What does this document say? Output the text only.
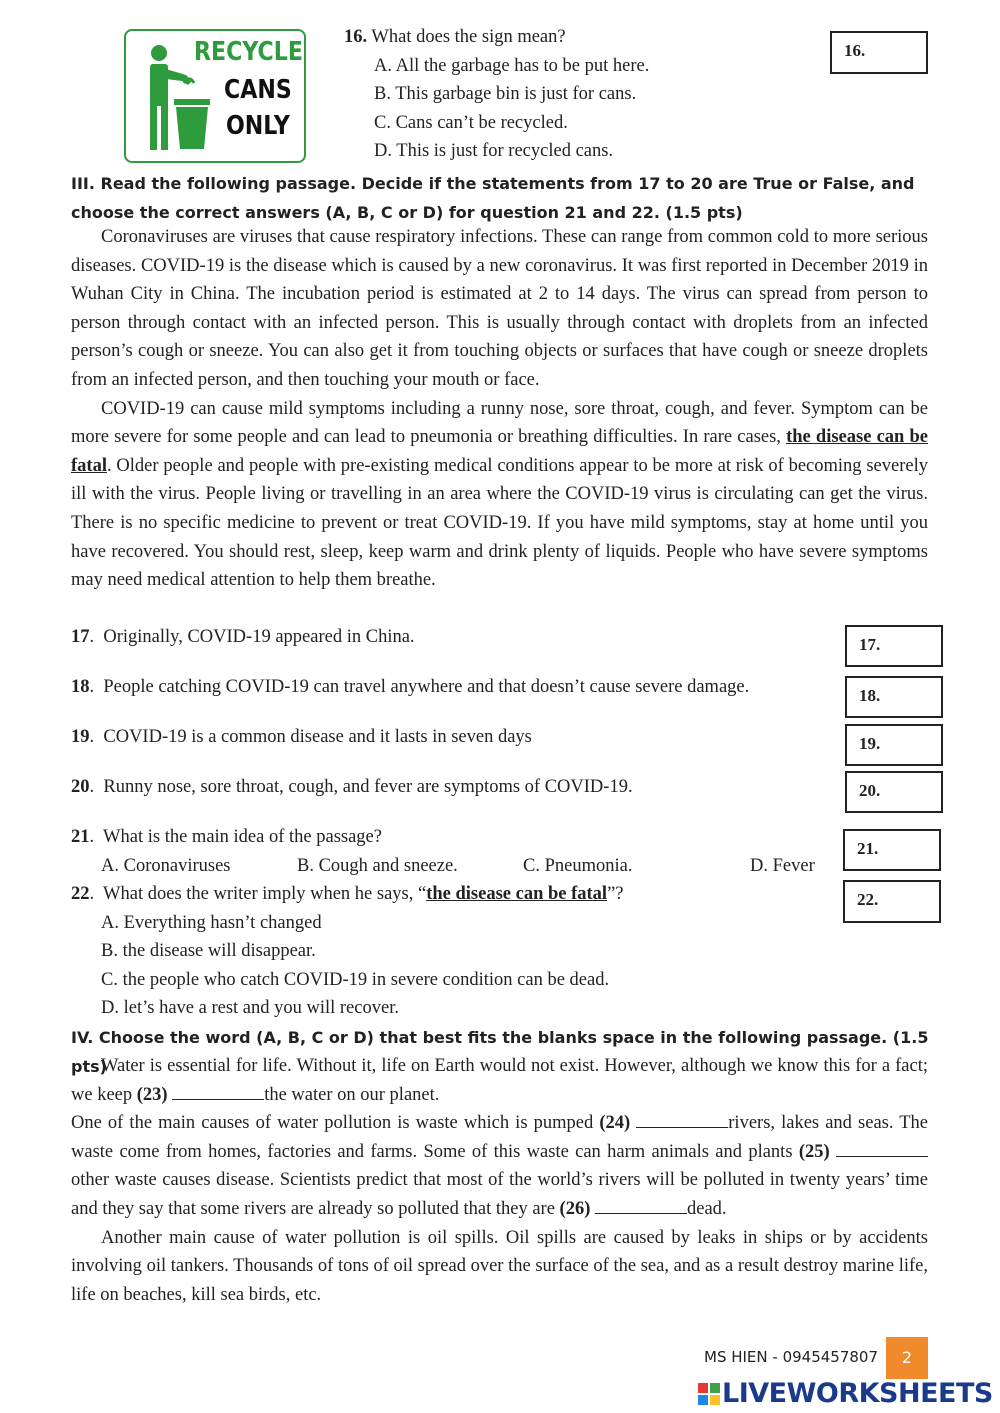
RECYCLE
CANS
ONLY
16. What does the sign mean?
A. All the garbage has to be put here.
B. This garbage bin is just for cans.
C. Cans can’t be recycled.
D. This is just for recycled cans.
16.
III. Read the following passage. Decide if the statements from 17 to 20 are True or False, and
choose the correct answers (A, B, C or D) for question 21 and 22. (1.5 pts)
Coronaviruses are viruses that cause respiratory infections. These can range from common cold to more serious diseases. COVID-19 is the disease which is caused by a new coronavirus. It was first reported in December 2019 in Wuhan City in China. The incubation period is estimated at 2 to 14 days. The virus can spread from person to person through contact with an infected person. This is usually through contact with droplets from an infected person’s cough or sneeze. You can also get it from touching objects or surfaces that have cough or sneeze droplets from an infected person, and then touching your mouth or face.
COVID-19 can cause mild symptoms including a runny nose, sore throat, cough, and fever. Symptom can be more severe for some people and can lead to pneumonia or breathing difficulties. In rare cases, the disease can be fatal. Older people and people with pre-existing medical conditions appear to be more at risk of becoming severely ill with the virus. People living or travelling in an area where the COVID-19 virus is circulating can get the virus. There is no specific medicine to prevent or treat COVID-19. If you have mild symptoms, stay at home until you have recovered. You should rest, sleep, keep warm and drink plenty of liquids. People who have severe symptoms may need medical attention to help them breathe.
17.  Originally, COVID-19 appeared in China.	17.
18.  People catching COVID-19 can travel anywhere and that doesn’t cause severe damage.	18.
19.  COVID-19 is a common disease and it lasts in seven days	19.
20.  Runny nose, sore throat, cough, and fever are symptoms of COVID-19.	20.
21.  What is the main idea of the passage?
A. Coronaviruses	B. Cough and sneeze.	C. Pneumonia.	D. Fever
21.
22.  What does the writer imply when he says, “the disease can be fatal”?
A. Everything hasn’t changed
B. the disease will disappear.
C. the people who catch COVID-19 in severe condition can be dead.
D. let’s have a rest and you will recover.
22.
IV. Choose the word (A, B, C or D) that best fits the blanks space in the following passage. (1.5 pts)
Water is essential for life. Without it, life on Earth would not exist. However, although we know this for a fact; we keep (23)	the water on our planet.
One of the main causes of water pollution is waste which is pumped (24)	rivers, lakes and seas. The waste come from homes, factories and farms. Some of this waste can harm animals and plants (25) other waste causes disease. Scientists predict that most of the world’s rivers will be polluted in twenty years’ time and they say that some rivers are already so polluted that they are (26)	dead.
Another main cause of water pollution is oil spills. Oil spills are caused by leaks in ships or by accidents involving oil tankers. Thousands of tons of oil spread over the surface of the sea, and as a result destroy marine life, life on beaches, kill sea birds, etc.
MS HIEN - 0945457807	2
LIVEWORKSHEETS
